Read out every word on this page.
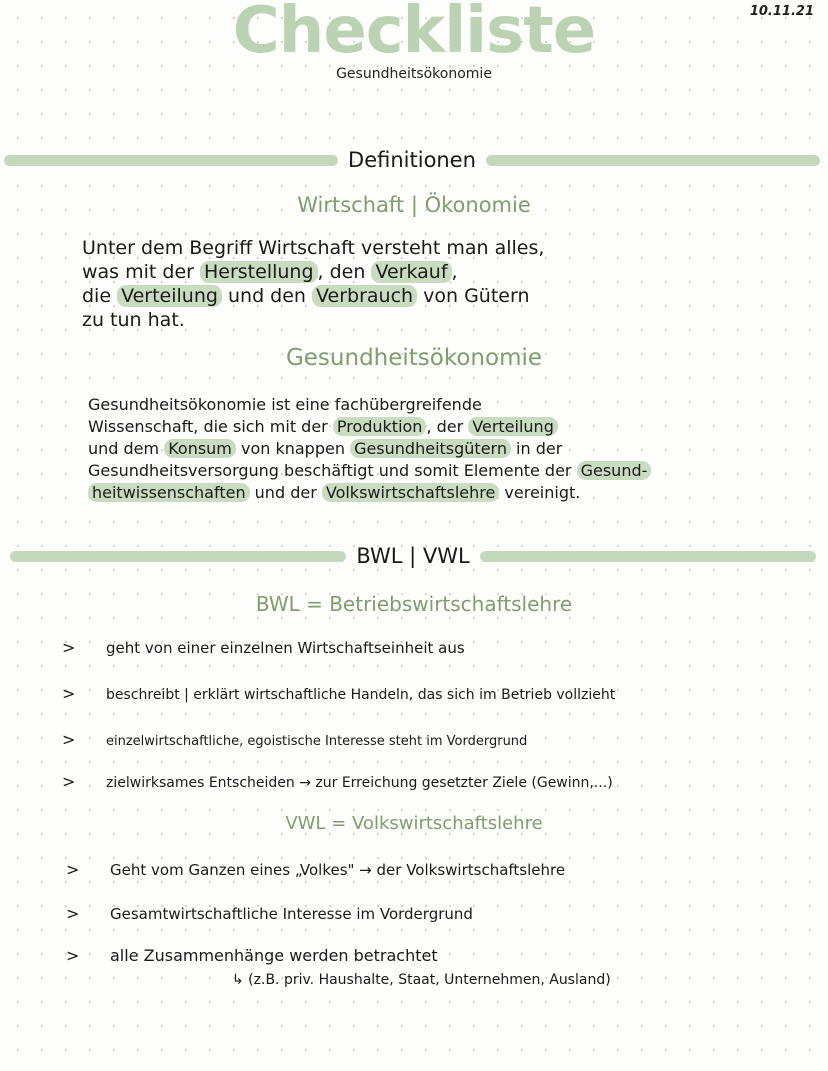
10.11.21
Checkliste
Gesundheitsökonomie
Definitionen
Wirtschaft | Ökonomie

Unter dem Begriff Wirtschaft versteht man alles,

was mit der Herstellung , den Verkauf ,

die Verteilung und den Verbrauch von Gütern

zu tun hat.

Gesundheitsökonomie

Gesundheitsökonomie ist eine fachübergreifende

Wissenschaft, die sich mit der Produktion , der Verteilung

und dem Konsum von knappen Gesundheitsgütern in der

Gesundheitsversorgung beschäftigt und somit Elemente der Gesund-

heitwissenschaften und der Volkswirtschaftslehre vereinigt.

BWL | VWL
BWL = Betriebswirtschaftslehre
>	geht von einer einzelnen Wirtschaftseinheit aus
>	beschreibt | erklärt wirtschaftliche Handeln, das sich im Betrieb vollzieht
>	einzelwirtschaftliche, egoistische Interesse steht im Vordergrund
>	zielwirksames Entscheiden → zur Erreichung gesetzter Ziele (Gewinn,...)
VWL = Volkswirtschaftslehre
>	Geht vom Ganzen eines „Volkes" → der Volkswirtschaftslehre
>	Gesamtwirtschaftliche Interesse im Vordergrund
>	alle Zusammenhänge werden betrachtet
↳ (z.B. priv. Haushalte, Staat, Unternehmen, Ausland)
